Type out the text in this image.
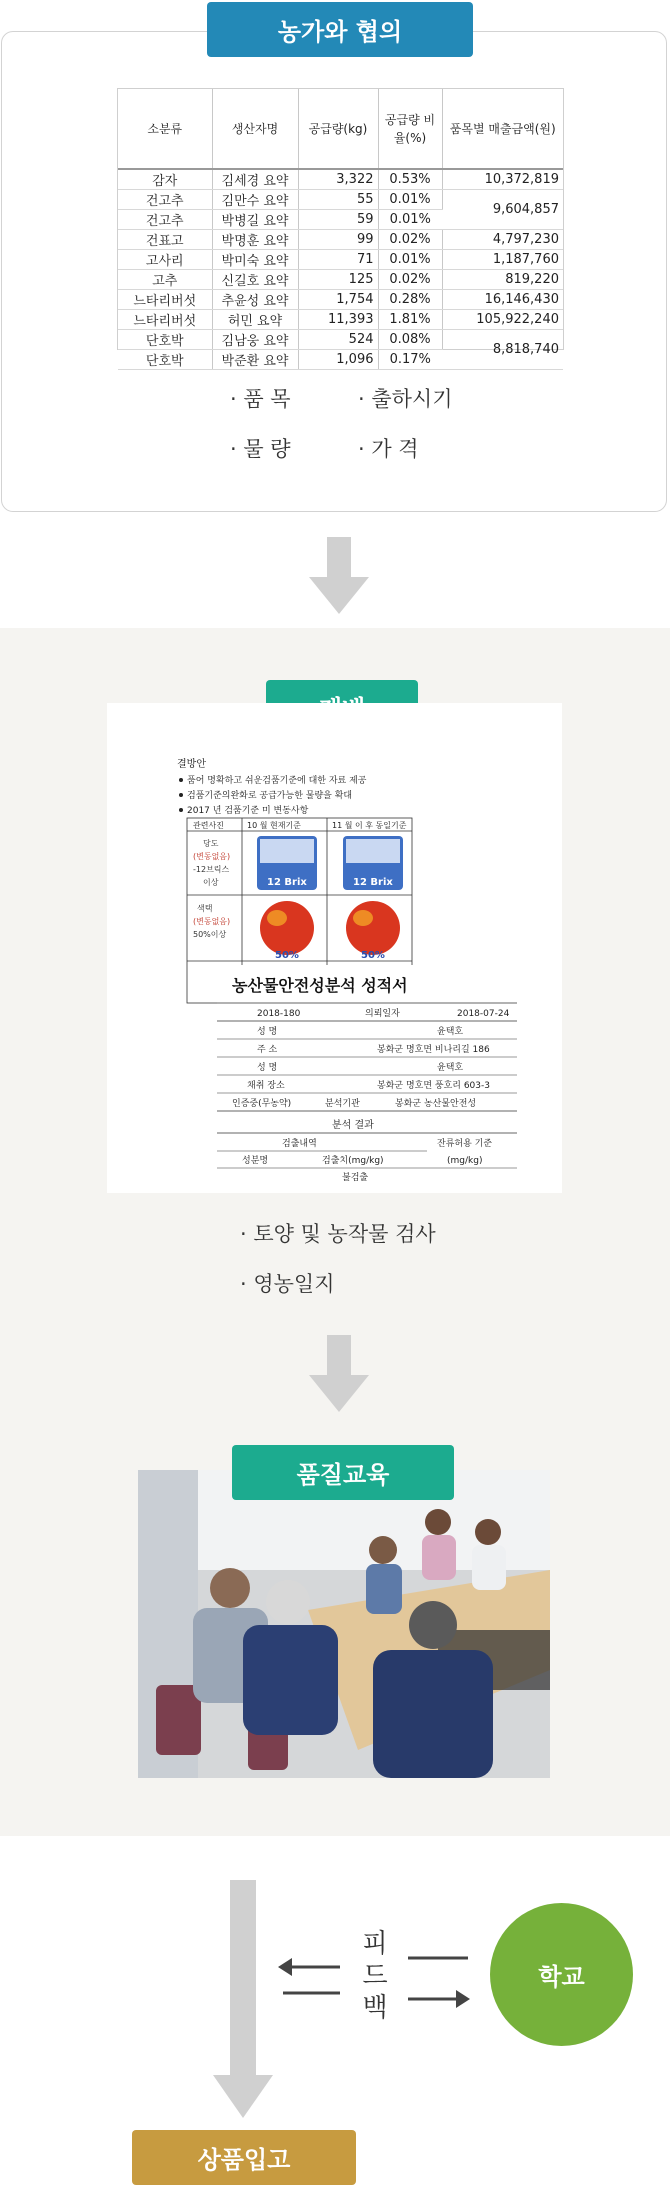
농가와 협의
소분류	생산자명	공급량(kg)	공급량 비율(%)	품목별 매출금액(원)
감자	김세경 요약	3,322	0.53%	10,372,819
건고추	김만수 요약	55	0.01%	9,604,857
건고추	박병길 요약	59	0.01%	
건표고	박명훈 요약	99	0.02%	4,797,230
고사리	박미숙 요약	71	0.01%	1,187,760
고추	신길호 요약	125	0.02%	819,220
느타리버섯	추윤성 요약	1,754	0.28%	16,146,430
느타리버섯	허민 요약	11,393	1.81%	105,922,240
단호박	김남웅 요약	524	0.08%	8,818,740
단호박	박준환 요약	1,096	0.17%	
· 품 목	· 출하시기
· 물 량	· 가 격
결방안
품어 명확하고 쉬운검품기준에 대한 자료 제공
검품기준의완화로 공급가능한 물량을 확대
2017 년 검품기준 미 변동사항
관련사진	10 월 현재기준	11 월 이 후 동일기준
당도
(변동없음)
-12브릭스
이상	12 Brix	12 Brix
색택
(변동없음)
50%이상
50%	50%
농산물안전성분석 성적서
2018-180	의뢰일자	2018-07-24
성 명	윤택호
주 소	봉화군 명호면 비나리길 186
성 명	윤택호
채취 장소	봉화군 명호면 풍호리 603-3
인증중(무농약)	분석기관	봉화군 농산물안전성
분석 결과
검출내역	잔류허용 기준
성분명	검출치(mg/kg)	(mg/kg)
불검출
· 토양 및 농작물 검사
· 영농일지
품질교육
피
드
백
학교
상품입고
